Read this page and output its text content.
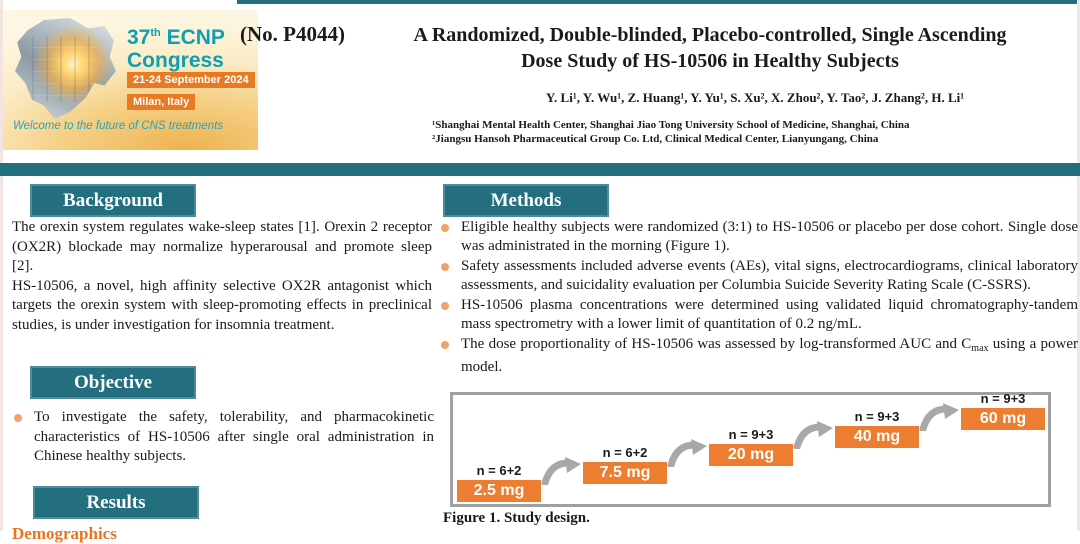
37th ECNP
Congress
21-24 September 2024
Milan, Italy
Welcome to the future of CNS treatments
(No. P4044)	A Randomized, Double-blinded, Placebo-controlled, Single Ascending
Dose Study of HS-10506 in Healthy Subjects
Y. Li¹, Y. Wu¹, Z. Huang¹, Y. Yu¹, S. Xu², X. Zhou², Y. Tao², J. Zhang², H. Li¹
¹Shanghai Mental Health Center, Shanghai Jiao Tong University School of Medicine, Shanghai, China
²Jiangsu Hansoh Pharmaceutical Group Co. Ltd, Clinical Medical Center, Lianyungang, China
Background

The orexin system regulates wake-sleep states [1]. Orexin 2 receptor (OX2R) blockade may normalize hyperarousal and promote sleep [2].

HS-10506, a novel, high affinity selective OX2R antagonist which targets the orexin system with sleep-promoting effects in preclinical studies, is under investigation for insomnia treatment.

Objective

To investigate the safety, tolerability, and pharmacokinetic characteristics of HS-10506 after single oral administration in Chinese healthy subjects.

Results
Demographics
Methods
Eligible healthy subjects were randomized (3:1) to HS-10506 or placebo per dose cohort. Single dose was administrated in the morning (Figure 1).
Safety assessments included adverse events (AEs), vital signs, electrocardiograms, clinical laboratory assessments, and suicidality evaluation per Columbia Suicide Severity Rating Scale (C-SSRS).
HS-10506 plasma concentrations were determined using validated liquid chromatography-tandem mass spectrometry with a lower limit of quantitation of 0.2 ng/mL.

The dose proportionality of HS-10506 was assessed by log-transformed AUC and C

$_{max}$

using a power model.

n = 6+2
2.5 mg
n = 6+2
7.5 mg
n = 9+3
20 mg
n = 9+3
40 mg
n = 9+3
60 mg
Figure 1. Study design.
